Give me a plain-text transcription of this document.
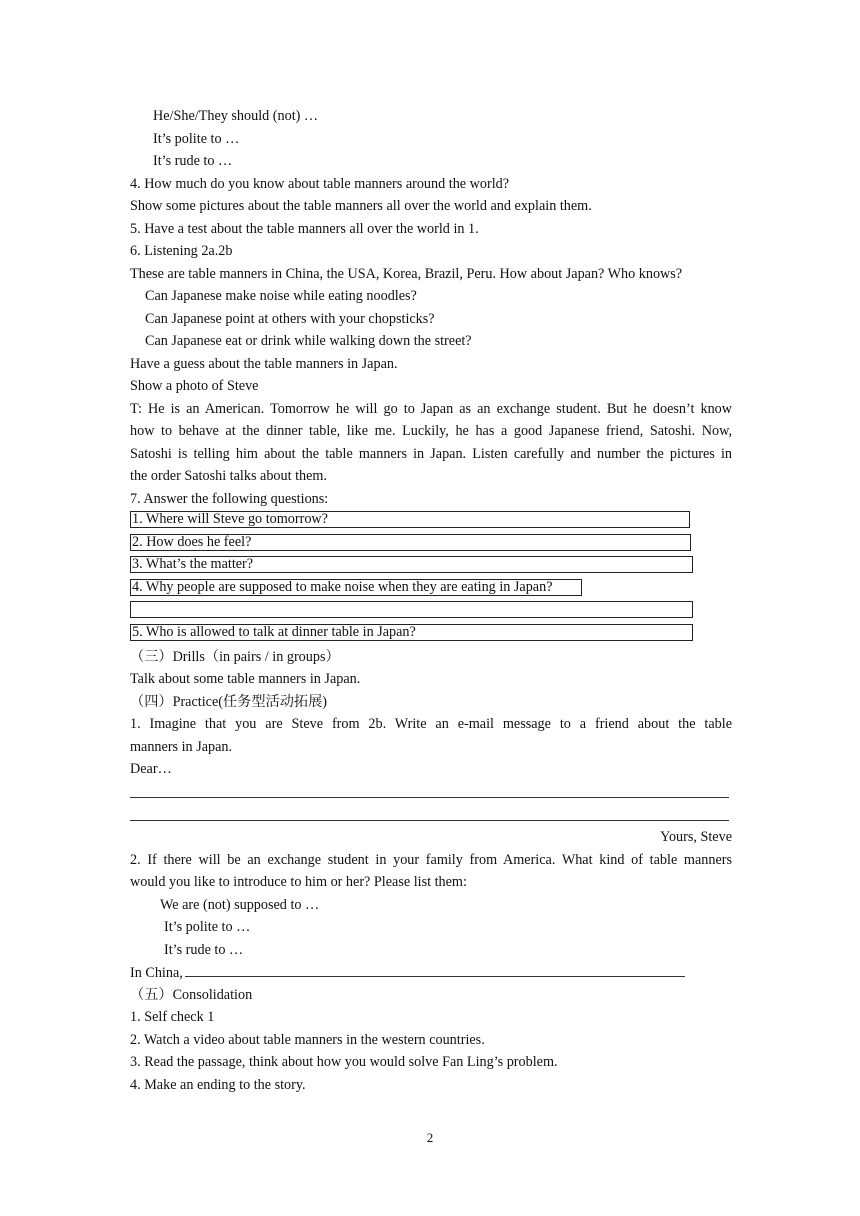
He/She/They should (not) …
It’s polite to …
It’s rude to …
4. How much do you know about table manners around the world?
Show some pictures about the table manners all over the world and explain them.
5. Have a test about the table manners all over the world in 1.
6. Listening 2a.2b
These are table manners in China, the USA, Korea, Brazil, Peru. How about Japan? Who knows?
Can Japanese make noise while eating noodles?
Can Japanese point at others with your chopsticks?
Can Japanese eat or drink while walking down the street?
Have a guess about the table manners in Japan.
Show a photo of Steve
T: He is an American. Tomorrow he will go to Japan as an exchange student. But he doesn’t know
how to behave at the dinner table, like me. Luckily, he has a good Japanese friend, Satoshi. Now,
Satoshi is telling him about the table manners in Japan. Listen carefully and number the pictures in
the order Satoshi talks about them.
7. Answer the following questions:
1. Where will Steve go tomorrow?
2. How does he feel?
3. What’s the matter?
4. Why people are supposed to make noise when they are eating in Japan?
5. Who is allowed to talk at dinner table in Japan?
（三）Drills（in pairs / in groups）
Talk about some table manners in Japan.
（四）Practice(任务型活动拓展)
1. Imagine that you are Steve from 2b. Write an e-mail message to a friend about the table
manners in Japan.
Dear…
Yours, Steve
2. If there will be an exchange student in your family from America. What kind of table manners
would you like to introduce to him or her? Please list them:
We are (not) supposed to …
It’s polite to …
It’s rude to …
In China,
（五）Consolidation
1. Self check 1
2. Watch a video about table manners in the western countries.
3. Read the passage, think about how you would solve Fan Ling’s problem.
4. Make an ending to the story.
2
